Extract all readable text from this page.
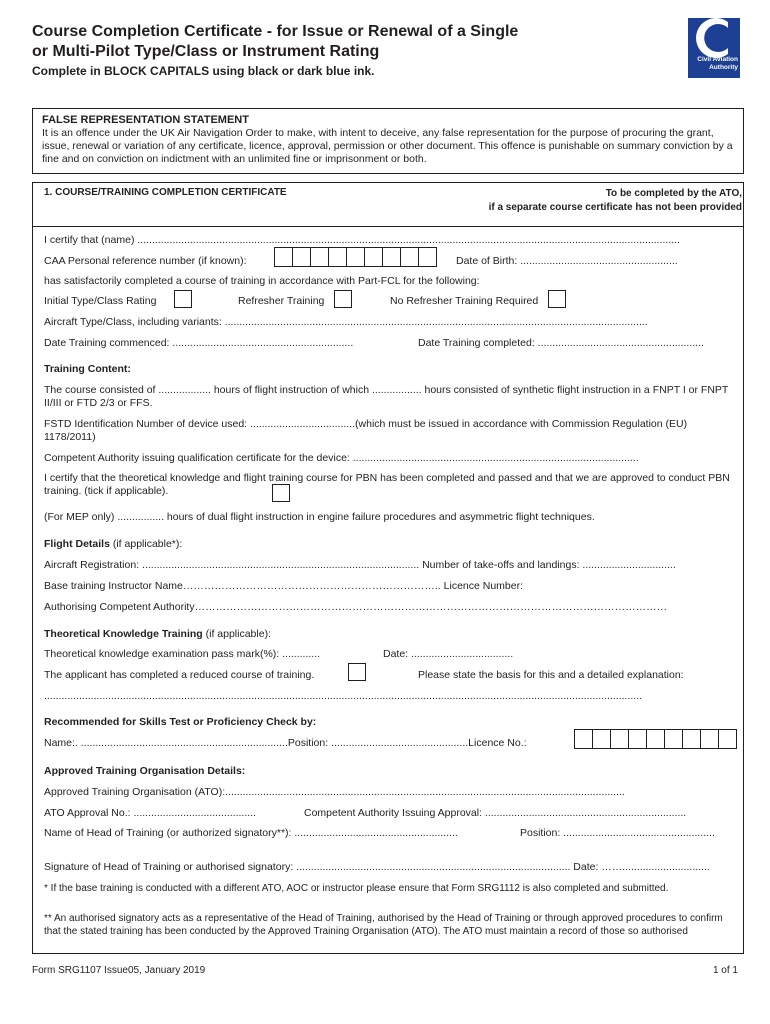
Course Completion Certificate - for Issue or Renewal of a Single
or Multi-Pilot Type/Class or Instrument Rating
Complete in BLOCK CAPITALS using black or dark blue ink.
Civil Aviation
Authority
FALSE REPRESENTATION STATEMENT
It is an offence under the UK Air Navigation Order to make, with intent to deceive, any false representation for the purpose of procuring the grant, issue, renewal or variation of any certificate, licence, approval, permission or other document. This offence is punishable on summary conviction by a fine and on conviction on indictment with an unlimited fine or imprisonment or both.
1. COURSE/TRAINING COMPLETION CERTIFICATE	To be completed by the ATO,
if a separate course certificate has not been provided
I certify that (name) ..........................................................................................................................................................................................
CAA Personal reference number (if known):	Date of Birth: ......................................................
has satisfactorily completed a course of training in accordance with Part-FCL for the following:
Initial Type/Class Rating	Refresher Training	No Refresher Training Required
Aircraft Type/Class, including variants: .................................................................................................................................................
Date Training commenced: ..............................................................	Date Training completed: .........................................................
Training Content:
The course consisted of .................. hours of flight instruction of which ................. hours consisted of synthetic flight instruction in a FNPT I or FNPT II/III or FTD 2/3 or FFS.
FSTD Identification Number of device used: ....................................(which must be issued in accordance with Commission Regulation (EU) 1178/2011)
Competent Authority issuing qualification certificate for the device: ..................................................................................................
I certify that the theoretical knowledge and flight training course for PBN has been completed and passed and that we are approved to conduct PBN training. (tick if applicable).
(For MEP only) ................ hours of dual flight instruction in engine failure procedures and asymmetric flight techniques.
Flight Details (if applicable*):
Aircraft Registration: ............................................................................................... Number of take-offs and landings: ................................
Base training Instructor Name……………………………………………………………….. Licence Number:
Authorising Competent Authority………………………………………………………………………………………………………………………
Theoretical Knowledge Training (if applicable):
Theoretical knowledge examination pass mark(%): .............	Date: ...................................
The applicant has completed a reduced course of training.	Please state the basis for this and a detailed explanation:
.............................................................................................................................................................................................................
Recommended for Skills Test or Proficiency Check by:
Name:. .......................................................................Position: ...............................................Licence No.:
Approved Training Organisation Details:
Approved Training Organisation (ATO):.........................................................................................................................................
ATO Approval No.: ..........................................	Competent Authority Issuing Approval: .....................................................................
Name of Head of Training (or authorized signatory**): ........................................................	Position: ....................................................
Signature of Head of Training or authorised signatory: .............................................................................................. Date: ……..............................
* If the base training is conducted with a different ATO, AOC or instructor please ensure that Form SRG1112 is also completed and submitted.
** An authorised signatory acts as a representative of the Head of Training, authorised by the Head of Training or through approved procedures to confirm that the stated training has been conducted by the Approved Training Organisation (ATO). The ATO must maintain a record of those so authorised
Form SRG1107 Issue05, January 2019	1 of 1
